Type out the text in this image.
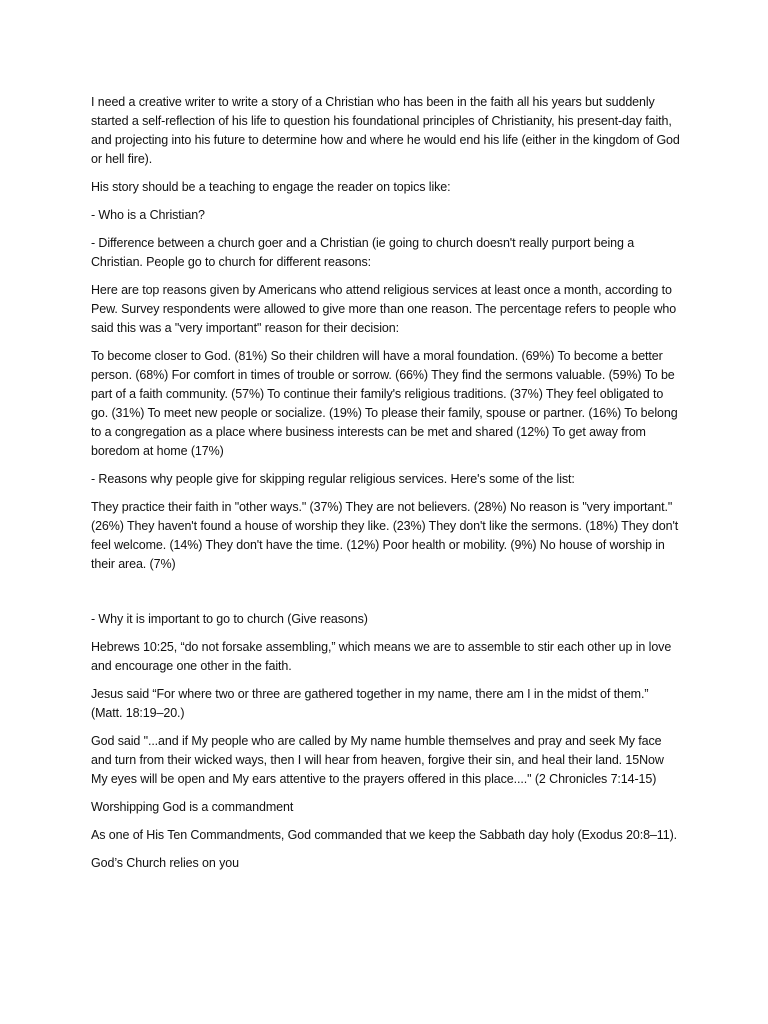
I need a creative writer to write a story of a Christian who has been in the faith all his years but suddenly started a self-reflection of his life to question his foundational principles of Christianity, his present-day faith, and projecting into his future to determine how and where he would end his life (either in the kingdom of God or hell fire).

His story should be a teaching to engage the reader on topics like:

- Who is a Christian?

- Difference between a church goer and a Christian (ie going to church doesn't really purport being a Christian. People go to church for different reasons:

Here are top reasons given by Americans who attend religious services at least once a month, according to Pew. Survey respondents were allowed to give more than one reason. The percentage refers to people who said this was a "very important" reason for their decision:

To become closer to God. (81%) So their children will have a moral foundation. (69%) To become a better person. (68%) For comfort in times of trouble or sorrow. (66%) They find the sermons valuable. (59%) To be part of a faith community. (57%) To continue their family's religious traditions. (37%) They feel obligated to go. (31%) To meet new people or socialize. (19%) To please their family, spouse or partner. (16%) To belong to a congregation as a place where business interests can be met and shared (12%) To get away from boredom at home (17%)

- Reasons why people give for skipping regular religious services. Here's some of the list:

They practice their faith in "other ways." (37%) They are not believers. (28%) No reason is "very important." (26%) They haven't found a house of worship they like. (23%) They don't like the sermons. (18%) They don't feel welcome. (14%) They don't have the time. (12%) Poor health or mobility. (9%) No house of worship in their area. (7%)

- Why it is important to go to church (Give reasons)

Hebrews 10:25, “do not forsake assembling,” which means we are to assemble to stir each other up in love and encourage one other in the faith.

Jesus said “For where two or three are gathered together in my name, there am I in the midst of them.” (Matt. 18:19–20.)

God said "...and if My people who are called by My name humble themselves and pray and seek My face and turn from their wicked ways, then I will hear from heaven, forgive their sin, and heal their land. 15Now My eyes will be open and My ears attentive to the prayers offered in this place...." (2 Chronicles 7:14-15)

Worshipping God is a commandment

As one of His Ten Commandments, God commanded that we keep the Sabbath day holy (Exodus 20:8–11).

God’s Church relies on you
